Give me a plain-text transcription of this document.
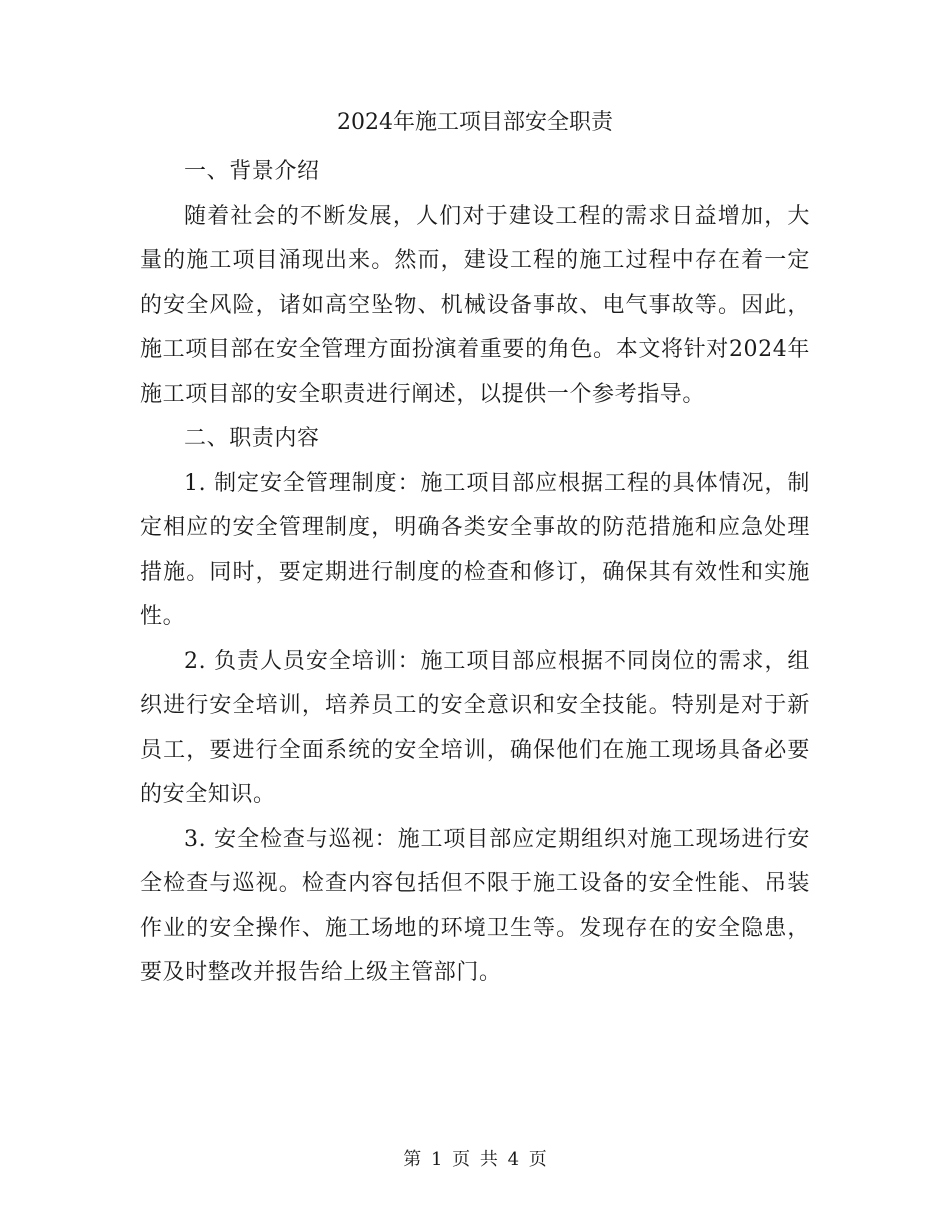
2024年施工项目部安全职责

一、背景介绍

随着社会的不断发展，人们对于建设工程的需求日益增加，大量的施工项目涌现出来。然而，建设工程的施工过程中存在着一定的安全风险，诸如高空坠物、机械设备事故、电气事故等。因此，施工项目部在安全管理方面扮演着重要的角色。本文将针对2024年施工项目部的安全职责进行阐述，以提供一个参考指导。

二、职责内容

1. 制定安全管理制度：施工项目部应根据工程的具体情况，制定相应的安全管理制度，明确各类安全事故的防范措施和应急处理措施。同时，要定期进行制度的检查和修订，确保其有效性和实施性。

2. 负责人员安全培训：施工项目部应根据不同岗位的需求，组织进行安全培训，培养员工的安全意识和安全技能。特别是对于新员工，要进行全面系统的安全培训，确保他们在施工现场具备必要的安全知识。

3. 安全检查与巡视：施工项目部应定期组织对施工现场进行安全检查与巡视。检查内容包括但不限于施工设备的安全性能、吊装作业的安全操作、施工场地的环境卫生等。发现存在的安全隐患，要及时整改并报告给上级主管部门。

第 1 页 共 4 页
